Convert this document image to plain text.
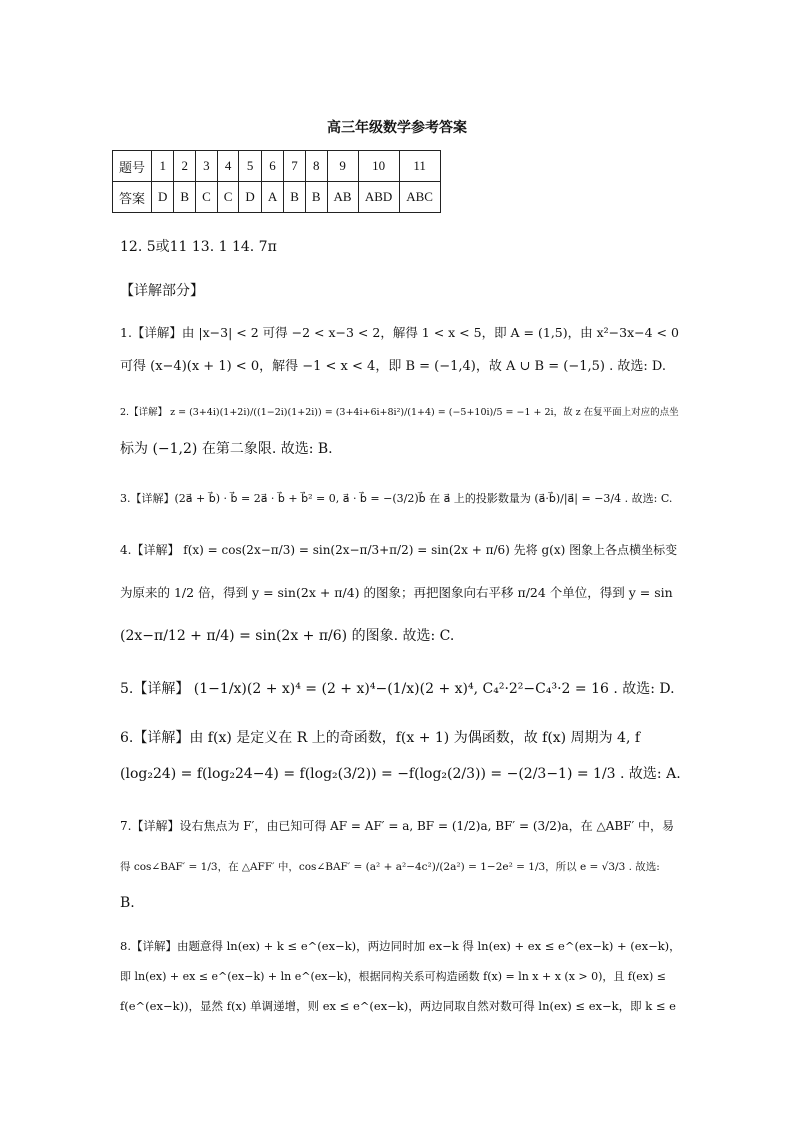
高三年级数学参考答案
题号	1	2	3	4	5	6	7	8	9	10	11
答案	D	B	C	C	D	A	B	B	AB	ABD	ABC
12. 5或11 13. 1 14. 7π
【详解部分】
1.【详解】由 |x−3| < 2 可得 −2 < x−3 < 2，解得 1 < x < 5，即 A = (1,5)，由 x²−3x−4 < 0
可得 (x−4)(x + 1) < 0，解得 −1 < x < 4，即 B = (−1,4)，故 A ∪ B = (−1,5) . 故选: D.
2.【详解】 z = (3+4i)(1+2i)/((1−2i)(1+2i)) = (3+4i+6i+8i²)/(1+4) = (−5+10i)/5 = −1 + 2i，故 z 在复平面上对应的点坐
标为 (−1,2) 在第二象限. 故选: B.
3.【详解】(2a⃗ + b⃗) · b⃗ = 2a⃗ · b⃗ + b⃗² = 0, a⃗ · b⃗ = −(3/2)b⃗ 在 a⃗ 上的投影数量为 (a⃗·b⃗)/|a⃗| = −3/4 . 故选: C.
4.【详解】 f(x) = cos(2x−π/3) = sin(2x−π/3+π/2) = sin(2x + π/6) 先将 g(x) 图象上各点横坐标变
为原来的 1/2 倍，得到 y = sin(2x + π/4) 的图象；再把图象向右平移 π/24 个单位，得到 y = sin
(2x−π/12 + π/4) = sin(2x + π/6) 的图象. 故选: C.
5.【详解】 (1−1/x)(2 + x)⁴ = (2 + x)⁴−(1/x)(2 + x)⁴, C₄²·2²−C₄³·2 = 16 . 故选: D.
6.【详解】由 f(x) 是定义在 R 上的奇函数，f(x + 1) 为偶函数，故 f(x) 周期为 4, f
(log₂24) = f(log₂24−4) = f(log₂(3/2)) = −f(log₂(2/3)) = −(2/3−1) = 1/3 . 故选: A.
7.【详解】设右焦点为 F′，由已知可得 AF = AF′ = a, BF = (1/2)a, BF′ = (3/2)a，在 △ABF′ 中，易
得 cos∠BAF′ = 1/3，在 △AFF′ 中，cos∠BAF′ = (a² + a²−4c²)/(2a²) = 1−2e² = 1/3，所以 e = √3/3 . 故选:
B.
8.【详解】由题意得 ln(ex) + k ≤ e^(ex−k)，两边同时加 ex−k 得 ln(ex) + ex ≤ e^(ex−k) + (ex−k)，
即 ln(ex) + ex ≤ e^(ex−k) + ln e^(ex−k)，根据同构关系可构造函数 f(x) = ln x + x (x > 0)，且 f(ex) ≤
f(e^(ex−k))，显然 f(x) 单调递增，则 ex ≤ e^(ex−k)，两边同取自然对数可得 ln(ex) ≤ ex−k，即 k ≤ e
